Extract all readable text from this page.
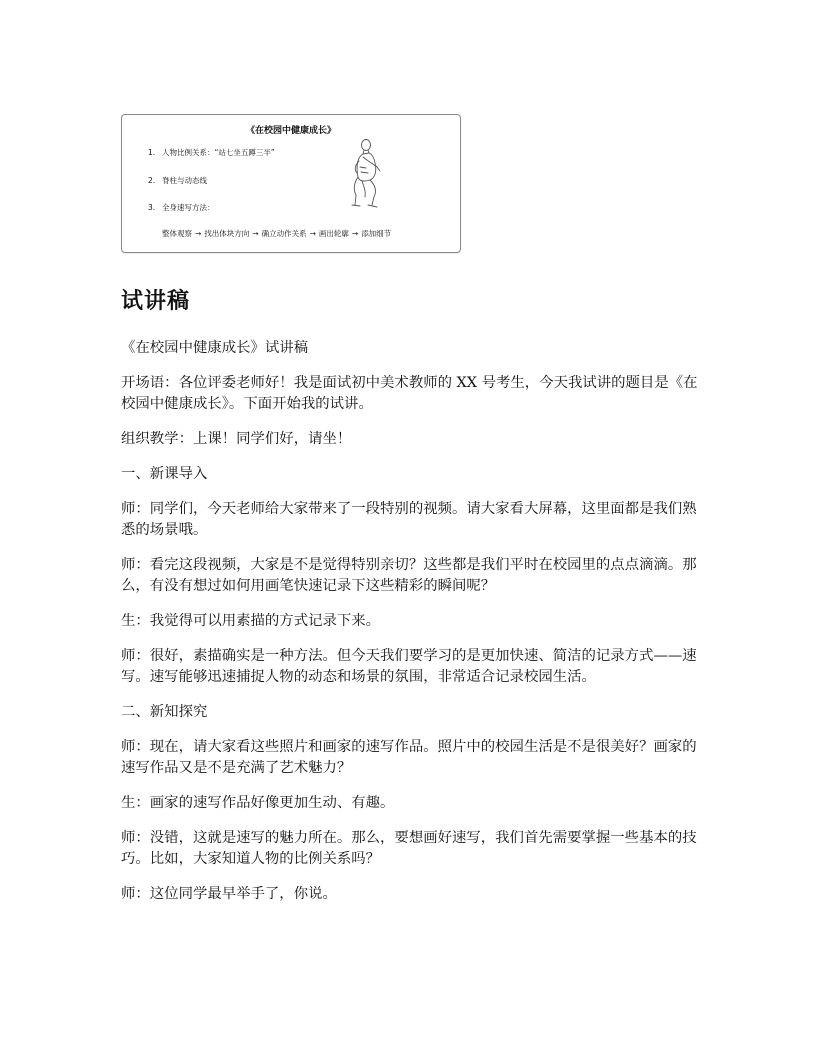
《在校园中健康成长》
1. 人物比例关系：“站七坐五蹲三半”
2. 脊柱与动态线
3. 全身速写方法：
整体观察 → 找出体块方向 → 确立动作关系 → 画出轮廓 → 添加细节
试讲稿

《在校园中健康成长》试讲稿

开场语：各位评委老师好！我是面试初中美术教师的 XX 号考生，今天我试讲的题目是《在校园中健康成长》。下面开始我的试讲。

组织教学：上课！同学们好，请坐！

一、新课导入

师：同学们，今天老师给大家带来了一段特别的视频。请大家看大屏幕，这里面都是我们熟悉的场景哦。

师：看完这段视频，大家是不是觉得特别亲切？这些都是我们平时在校园里的点点滴滴。那么，有没有想过如何用画笔快速记录下这些精彩的瞬间呢？

生：我觉得可以用素描的方式记录下来。

师：很好，素描确实是一种方法。但今天我们要学习的是更加快速、简洁的记录方式——速写。速写能够迅速捕捉人物的动态和场景的氛围，非常适合记录校园生活。

二、新知探究

师：现在，请大家看这些照片和画家的速写作品。照片中的校园生活是不是很美好？画家的速写作品又是不是充满了艺术魅力？

生：画家的速写作品好像更加生动、有趣。

师：没错，这就是速写的魅力所在。那么，要想画好速写，我们首先需要掌握一些基本的技巧。比如，大家知道人物的比例关系吗？

师：这位同学最早举手了，你说。
